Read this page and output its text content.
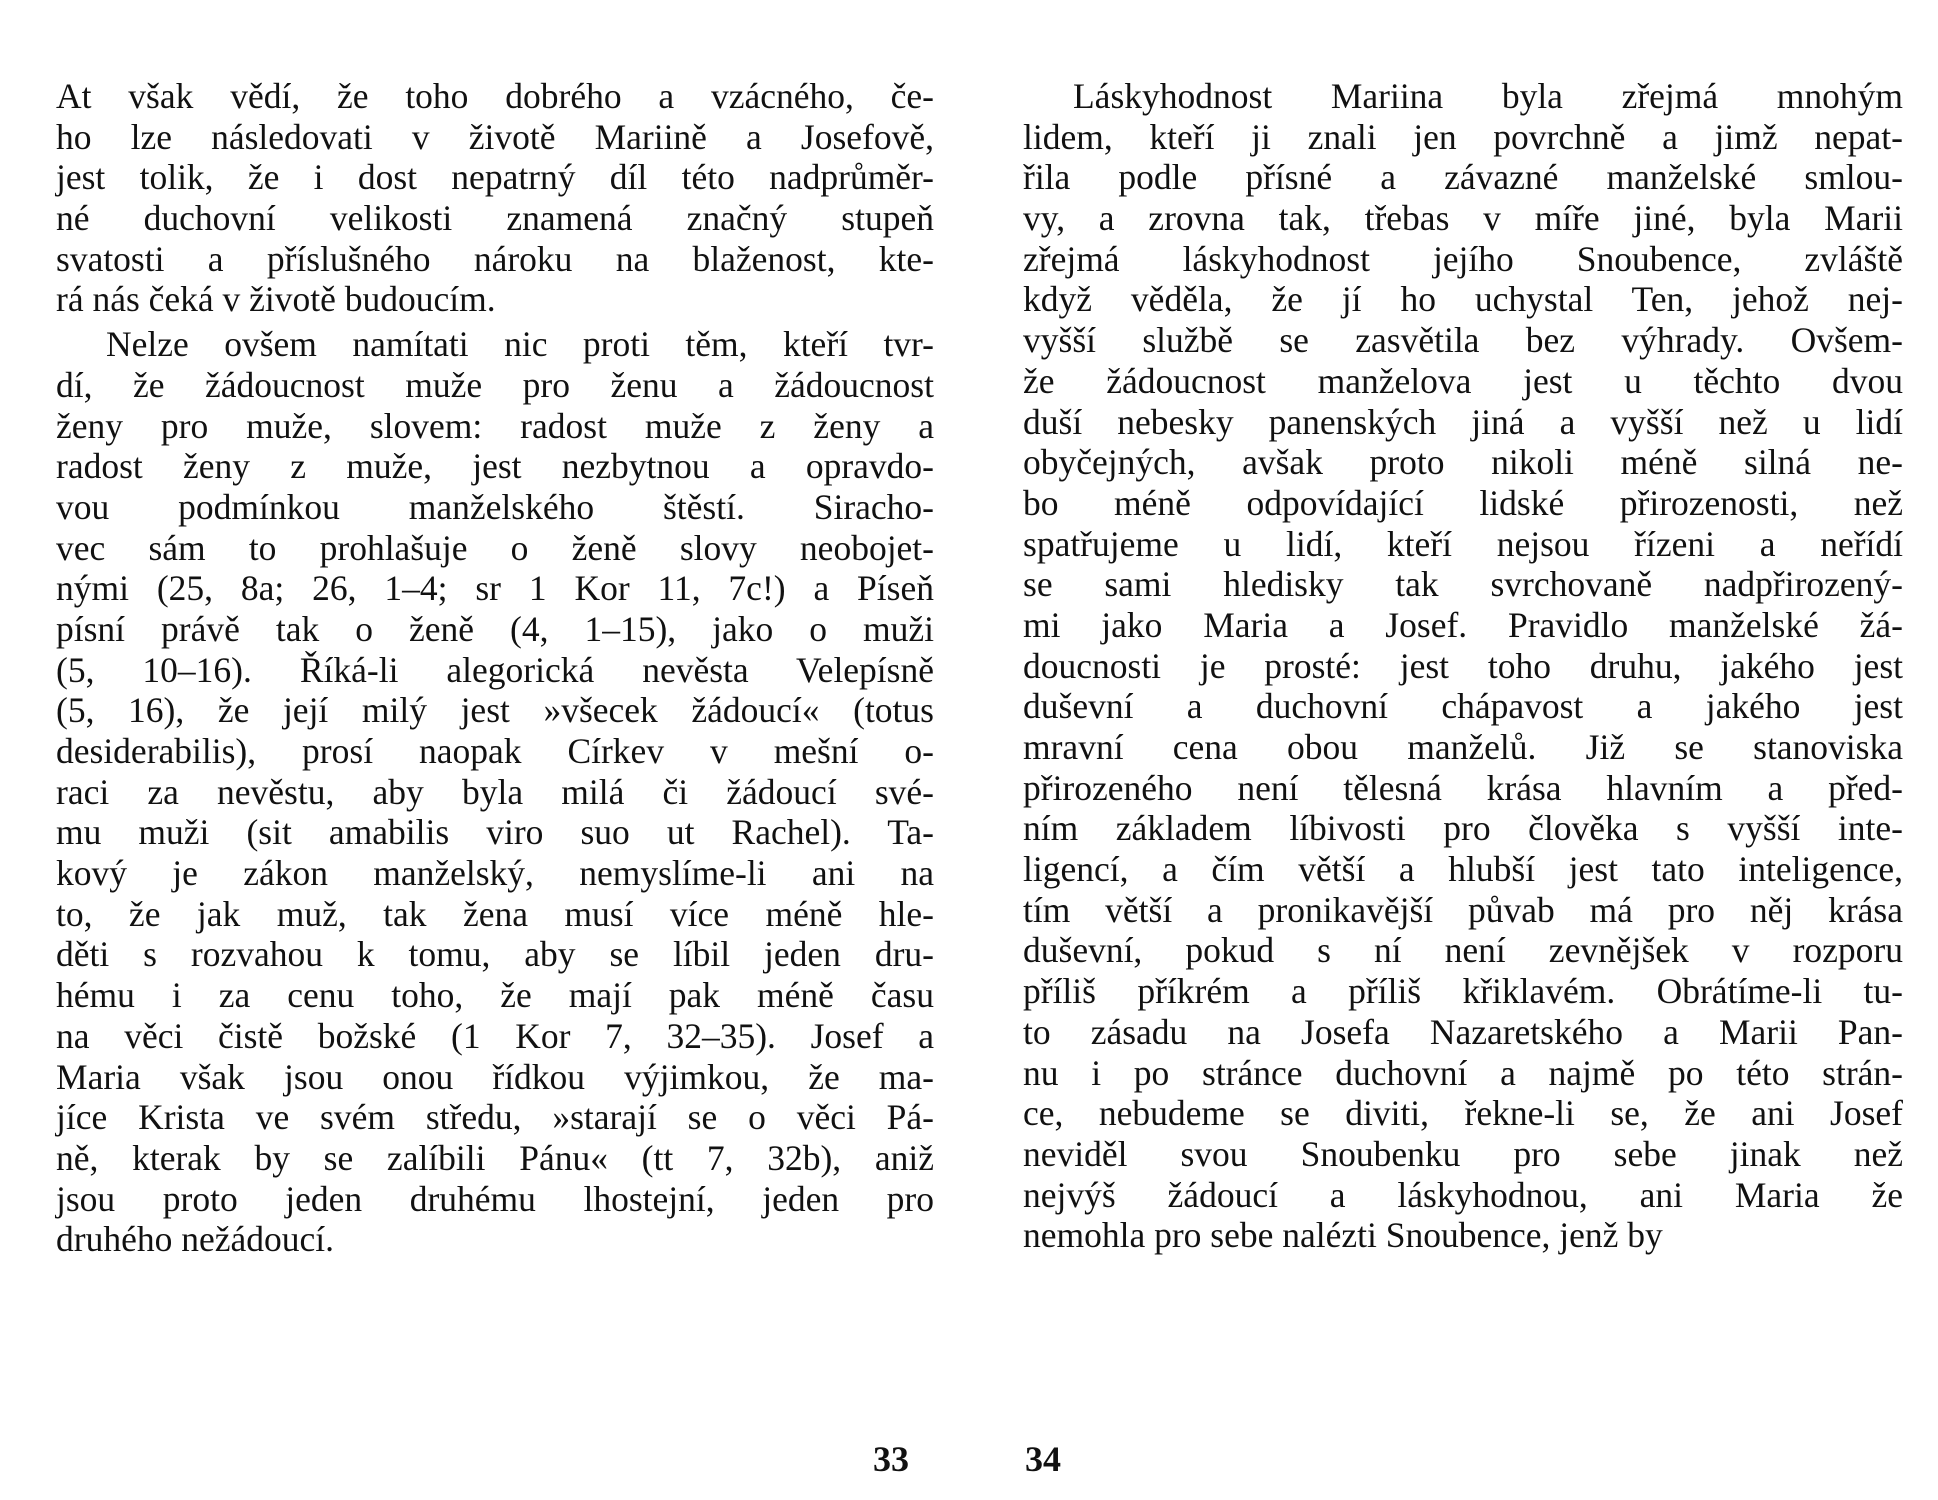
At však vědí, že toho dobrého a vzácného, če-
ho lze následovati v životě Mariině a Josefově,
jest tolik, že i dost nepatrný díl této nadprůměr-
né duchovní velikosti znamená značný stupeň
svatosti a příslušného nároku na blaženost, kte-
rá nás čeká v životě budoucím.
Nelze ovšem namítati nic proti těm, kteří tvr-
dí, že žádoucnost muže pro ženu a žádoucnost
ženy pro muže, slovem: radost muže z ženy a
radost ženy z muže, jest nezbytnou a opravdo-
vou podmínkou manželského štěstí. Siracho-
vec sám to prohlašuje o ženě slovy neobojet-
nými (25, 8a; 26, 1–4; sr 1 Kor 11, 7c!) a Píseň
písní právě tak o ženě (4, 1–15), jako o muži
(5, 10–16). Říká-li alegorická nevěsta Velepísně
(5, 16), že její milý jest »všecek žádoucí« (totus
desiderabilis), prosí naopak Církev v mešní o-
raci za nevěstu, aby byla milá či žádoucí své-
mu muži (sit amabilis viro suo ut Rachel). Ta-
kový je zákon manželský, nemyslíme-li ani na
to, že jak muž, tak žena musí více méně hle-
děti s rozvahou k tomu, aby se líbil jeden dru-
hému i za cenu toho, že mají pak méně času
na věci čistě božské (1 Kor 7, 32–35). Josef a
Maria však jsou onou řídkou výjimkou, že ma-
jíce Krista ve svém středu, »starají se o věci Pá-
ně, kterak by se zalíbili Pánu« (tt 7, 32b), aniž
jsou proto jeden druhému lhostejní, jeden pro
druhého nežádoucí.
33
Láskyhodnost Mariina byla zřejmá mnohým
lidem, kteří ji znali jen povrchně a jimž nepat-
řila podle přísné a závazné manželské smlou-
vy, a zrovna tak, třebas v míře jiné, byla Marii
zřejmá láskyhodnost jejího Snoubence, zvláště
když věděla, že jí ho uchystal Ten, jehož nej-
vyšší službě se zasvětila bez výhrady. Ovšem-
že žádoucnost manželova jest u těchto dvou
duší nebesky panenských jiná a vyšší než u lidí
obyčejných, avšak proto nikoli méně silná ne-
bo méně odpovídající lidské přirozenosti, než
spatřujeme u lidí, kteří nejsou řízeni a neřídí
se sami hledisky tak svrchovaně nadpřirozený-
mi jako Maria a Josef. Pravidlo manželské žá-
doucnosti je prosté: jest toho druhu, jakého jest
duševní a duchovní chápavost a jakého jest
mravní cena obou manželů. Již se stanoviska
přirozeného není tělesná krása hlavním a před-
ním základem líbivosti pro člověka s vyšší inte-
ligencí, a čím větší a hlubší jest tato inteligence,
tím větší a pronikavější půvab má pro něj krása
duševní, pokud s ní není zevnějšek v rozporu
příliš příkrém a příliš křiklavém. Obrátíme-li tu-
to zásadu na Josefa Nazaretského a Marii Pan-
nu i po stránce duchovní a najmě po této strán-
ce, nebudeme se diviti, řekne-li se, že ani Josef
neviděl svou Snoubenku pro sebe jinak než
nejvýš žádoucí a láskyhodnou, ani Maria že
nemohla pro sebe nalézti Snoubence, jenž by
34
